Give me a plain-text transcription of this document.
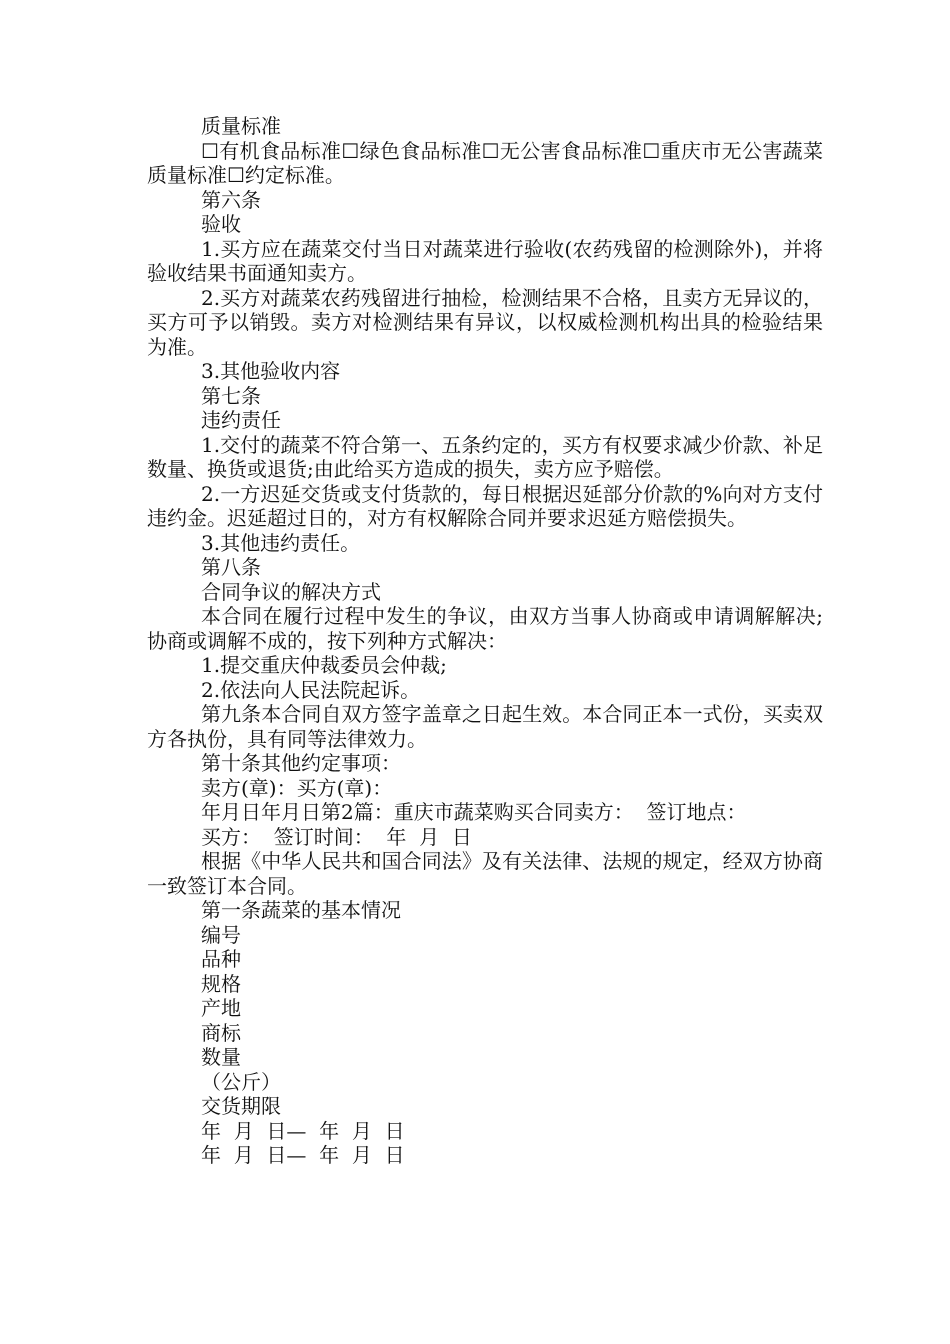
质量标准

☐有机食品标准☐绿色食品标准☐无公害食品标准☐重庆市无公害蔬菜质量标准☐约定标准。

第六条

验收

1.买方应在蔬菜交付当日对蔬菜进行验收(农药残留的检测除外)，并将验收结果书面通知卖方。

2.买方对蔬菜农药残留进行抽检，检测结果不合格，且卖方无异议的，买方可予以销毁。卖方对检测结果有异议，以权威检测机构出具的检验结果为准。

3.其他验收内容

第七条

违约责任

1.交付的蔬菜不符合第一、五条约定的，买方有权要求减少价款、补足数量、换货或退货;由此给买方造成的损失，卖方应予赔偿。

2.一方迟延交货或支付货款的，每日根据迟延部分价款的%向对方支付违约金。迟延超过日的，对方有权解除合同并要求迟延方赔偿损失。

3.其他违约责任。

第八条

合同争议的解决方式

本合同在履行过程中发生的争议，由双方当事人协商或申请调解解决;协商或调解不成的，按下列种方式解决：

1.提交重庆仲裁委员会仲裁;

2.依法向人民法院起诉。

第九条本合同自双方签字盖章之日起生效。本合同正本一式份，买卖双方各执份，具有同等法律效力。

第十条其他约定事项：

卖方(章)：买方(章)：

年月日年月日第2篇：重庆市蔬菜购买合同卖方：  签订地点：

买方：  签订时间：  年  月  日

根据《中华人民共和国合同法》及有关法律、法规的规定，经双方协商一致签订本合同。

第一条蔬菜的基本情况

编号

品种

规格

产地

商标

数量

（公斤）

交货期限

年  月  日—  年  月  日

年  月  日—  年  月  日
